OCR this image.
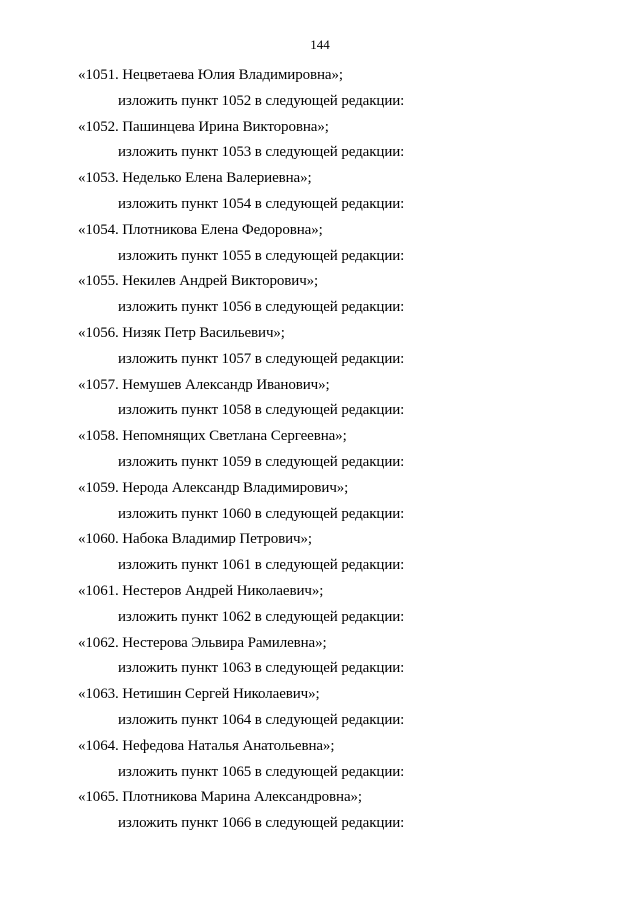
144
«1051. Нецветаева Юлия Владимировна»;
изложить пункт 1052 в следующей редакции:
«1052. Пашинцева Ирина Викторовна»;
изложить пункт 1053 в следующей редакции:
«1053. Неделько Елена Валериевна»;
изложить пункт 1054 в следующей редакции:
«1054. Плотникова Елена Федоровна»;
изложить пункт 1055 в следующей редакции:
«1055. Некилев Андрей Викторович»;
изложить пункт 1056 в следующей редакции:
«1056. Низяк Петр Васильевич»;
изложить пункт 1057 в следующей редакции:
«1057. Немушев Александр Иванович»;
изложить пункт 1058 в следующей редакции:
«1058. Непомнящих Светлана Сергеевна»;
изложить пункт 1059 в следующей редакции:
«1059. Нерода Александр Владимирович»;
изложить пункт 1060 в следующей редакции:
«1060. Набока Владимир Петрович»;
изложить пункт 1061 в следующей редакции:
«1061. Нестеров Андрей Николаевич»;
изложить пункт 1062 в следующей редакции:
«1062. Нестерова Эльвира Рамилевна»;
изложить пункт 1063 в следующей редакции:
«1063. Нетишин Сергей Николаевич»;
изложить пункт 1064 в следующей редакции:
«1064. Нефедова Наталья Анатольевна»;
изложить пункт 1065 в следующей редакции:
«1065. Плотникова Марина Александровна»;
изложить пункт 1066 в следующей редакции:
